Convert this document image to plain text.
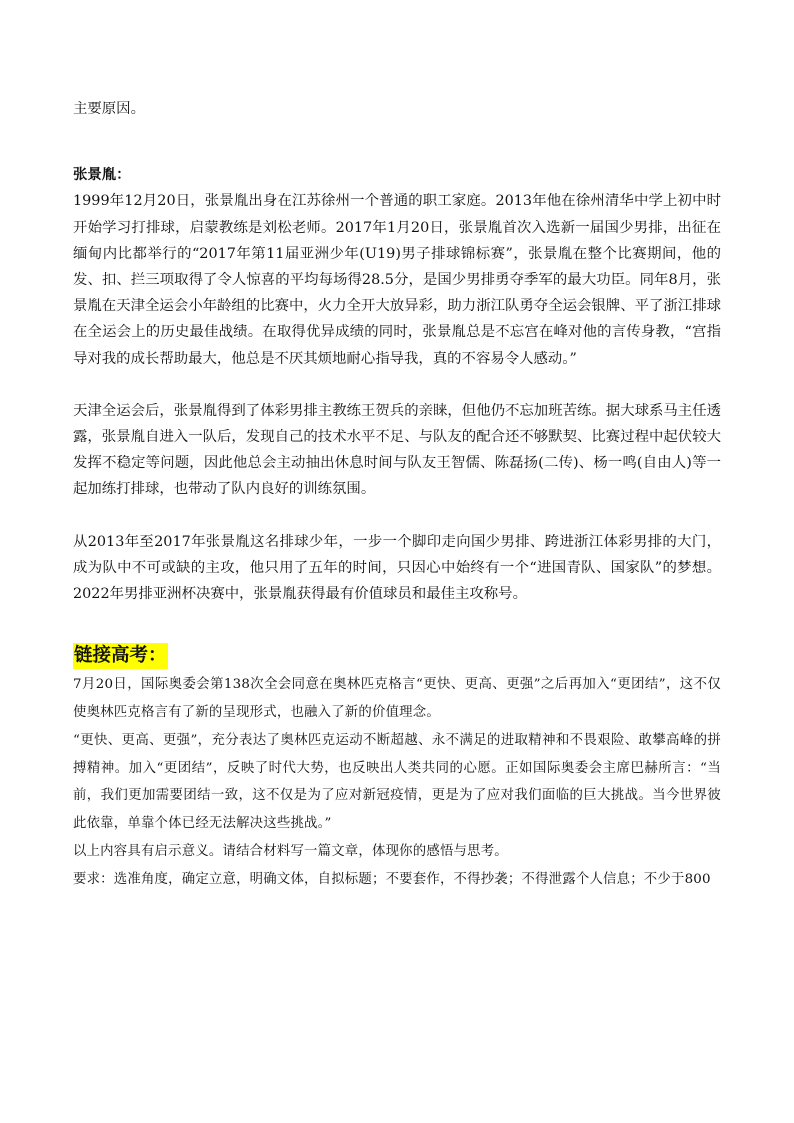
主要原因。

张景胤：

1999年12月20日，张景胤出身在江苏徐州一个普通的职工家庭。2013年他在徐州清华中学上初中时开始学习打排球，启蒙教练是刘松老师。2017年1月20日，张景胤首次入选新一届国少男排，出征在缅甸内比都举行的“2017年第11届亚洲少年(U19)男子排球锦标赛”，张景胤在整个比赛期间，他的发、扣、拦三项取得了令人惊喜的平均每场得28.5分，是国少男排勇夺季军的最大功臣。同年8月，张景胤在天津全运会小年龄组的比赛中，火力全开大放异彩，助力浙江队勇夺全运会银牌、平了浙江排球在全运会上的历史最佳战绩。在取得优异成绩的同时，张景胤总是不忘宫在峰对他的言传身教，“宫指导对我的成长帮助最大，他总是不厌其烦地耐心指导我，真的不容易令人感动。”

天津全运会后，张景胤得到了体彩男排主教练王贺兵的亲睐，但他仍不忘加班苦练。据大球系马主任透露，张景胤自进入一队后，发现自己的技术水平不足、与队友的配合还不够默契、比赛过程中起伏较大发挥不稳定等问题，因此他总会主动抽出休息时间与队友王智儒、陈磊扬(二传)、杨一鸣(自由人)等一起加练打排球，也带动了队内良好的训练氛围。

从2013年至2017年张景胤这名排球少年，一步一个脚印走向国少男排、跨进浙江体彩男排的大门，成为队中不可或缺的主攻，他只用了五年的时间，只因心中始终有一个“进国青队、国家队”的梦想。2022年男排亚洲杯决赛中，张景胤获得最有价值球员和最佳主攻称号。

链接高考：

7月20日，国际奥委会第138次全会同意在奥林匹克格言“更快、更高、更强”之后再加入“更团结”，这不仅使奥林匹克格言有了新的呈现形式，也融入了新的价值理念。

“更快、更高、更强”，充分表达了奥林匹克运动不断超越、永不满足的进取精神和不畏艰险、敢攀高峰的拼搏精神。加入“更团结”，反映了时代大势，也反映出人类共同的心愿。正如国际奥委会主席巴赫所言：“当前，我们更加需要团结一致，这不仅是为了应对新冠疫情，更是为了应对我们面临的巨大挑战。当今世界彼此依靠，单靠个体已经无法解决这些挑战。”

以上内容具有启示意义。请结合材料写一篇文章，体现你的感悟与思考。

要求：选准角度，确定立意，明确文体，自拟标题；不要套作，不得抄袭；不得泄露个人信息；不少于800
